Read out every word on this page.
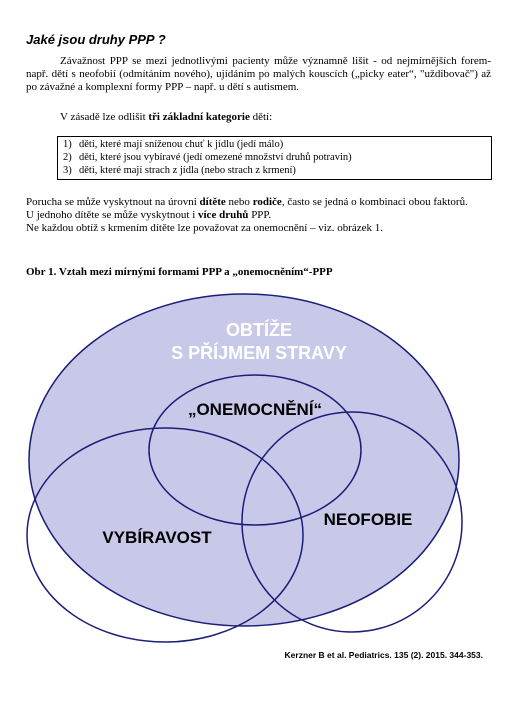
Jaké jsou druhy PPP ?
Závažnost PPP se mezi jednotlivými pacienty může významně lišit - od nejmírnějších forem-např. dětí s neofobií (odmítáním nového), ujídáním po malých kouscích („picky eater“, "uždibovač") až po závažné a komplexní formy PPP – např. u dětí s autismem.
V zásadě lze odlišit tři základní kategorie dětí:
1) děti, které mají sníženou chuť k jídlu (jedí málo)
2) děti, které jsou vybíravé (jedí omezené množství druhů potravin)
3) děti, které mají strach z jídla (nebo strach z krmení)
Porucha se může vyskytnout na úrovni dítěte nebo rodiče, často se jedná o kombinaci obou faktorů.
U jednoho dítěte se může vyskytnout i více druhů PPP.
Ne každou obtíž s krmením dítěte lze považovat za onemocnění – viz. obrázek 1.
Obr 1. Vztah mezi mírnými formami PPP a „onemocněním“-PPP
OBTÍŽE
S PŘÍJMEM STRAVY
„ONEMOCNĚNÍ“
VYBÍRAVOST
NEOFOBIE
Kerzner B et al. Pediatrics. 135 (2). 2015. 344-353.
